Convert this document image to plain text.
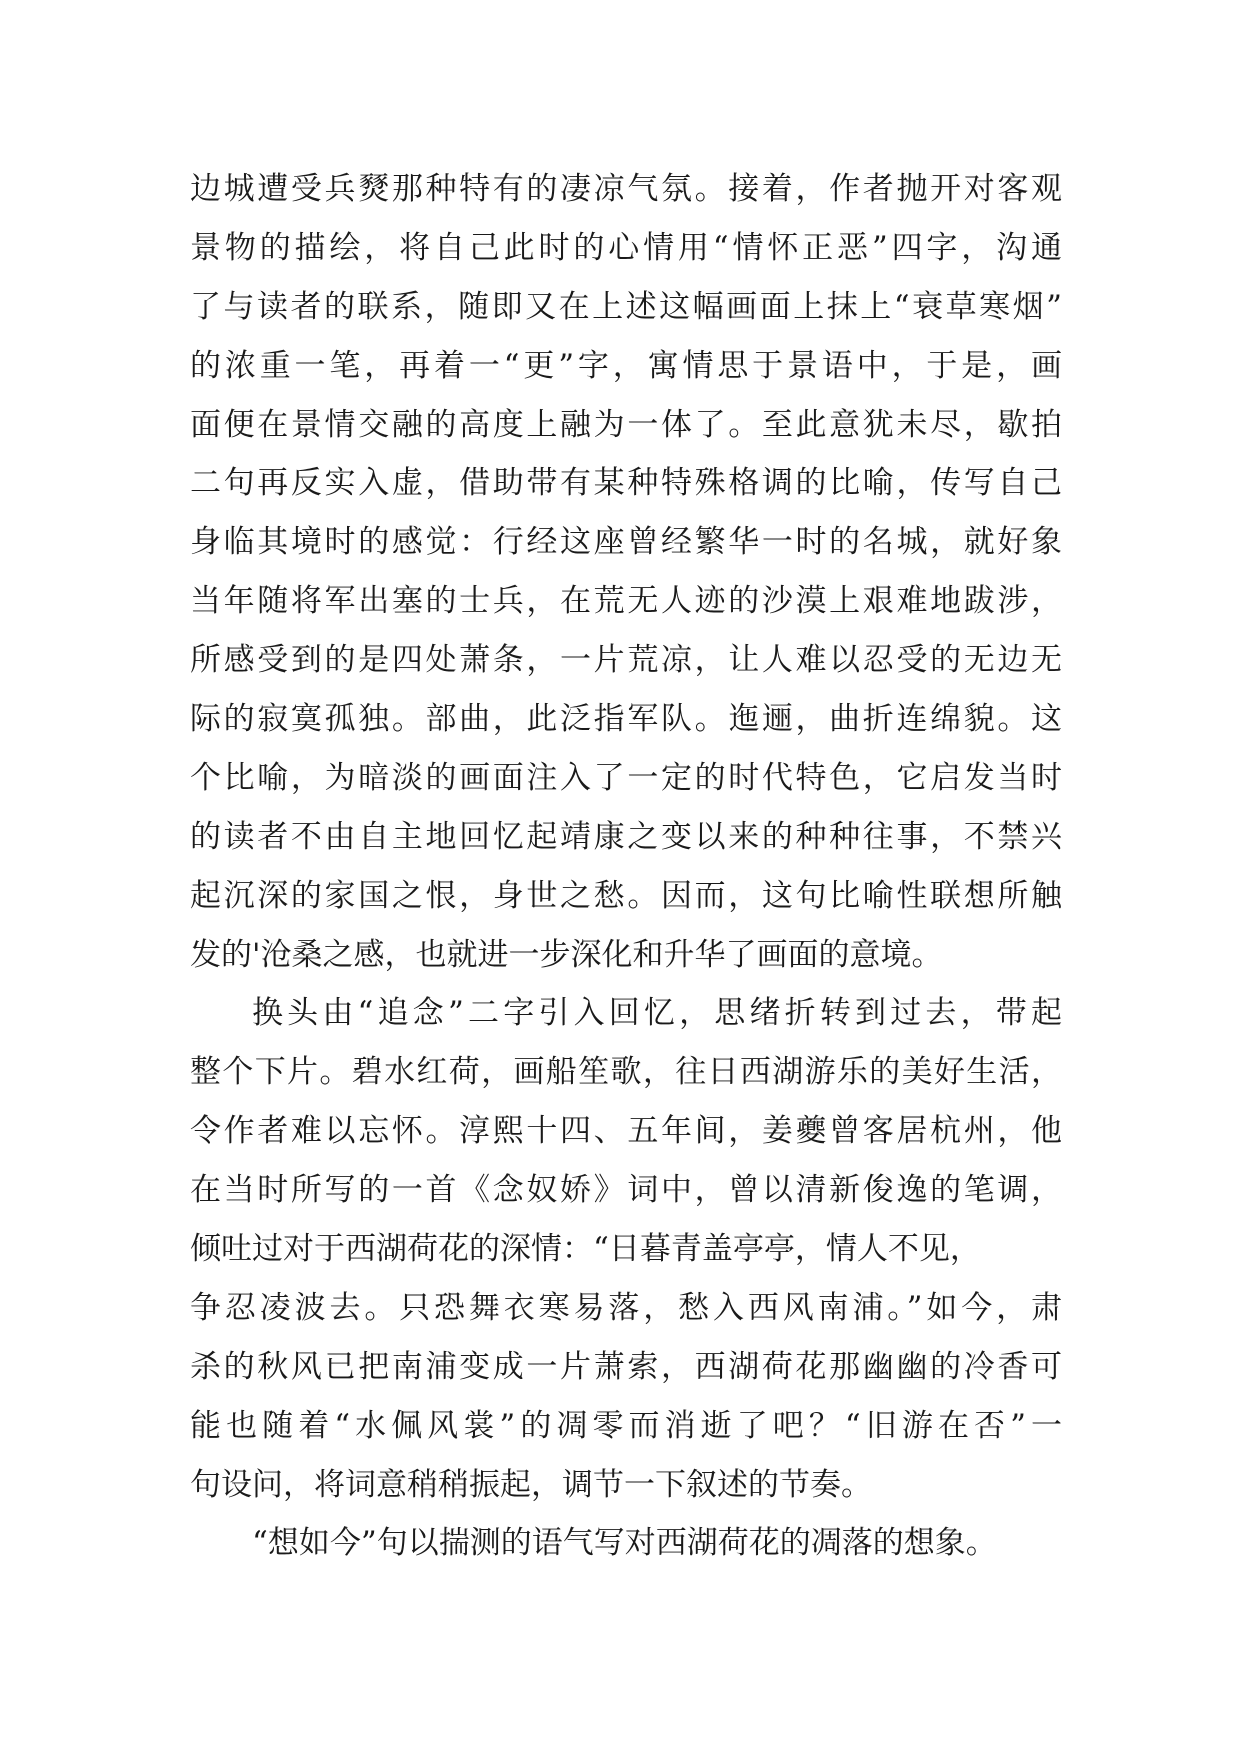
边城遭受兵燹那种特有的凄凉气氛。接着，作者抛开对客观
景物的描绘，将自己此时的心情用“情怀正恶”四字，沟通
了与读者的联系，随即又在上述这幅画面上抹上“衰草寒烟”
的浓重一笔，再着一“更”字，寓情思于景语中，于是，画
面便在景情交融的高度上融为一体了。至此意犹未尽，歇拍
二句再反实入虚，借助带有某种特殊格调的比喻，传写自己
身临其境时的感觉：行经这座曾经繁华一时的名城，就好象
当年随将军出塞的士兵，在荒无人迹的沙漠上艰难地跋涉，
所感受到的是四处萧条，一片荒凉，让人难以忍受的无边无
际的寂寞孤独。部曲，此泛指军队。迤逦，曲折连绵貌。这
个比喻，为暗淡的画面注入了一定的时代特色，它启发当时
的读者不由自主地回忆起靖康之变以来的种种往事，不禁兴
起沉深的家国之恨，身世之愁。因而，这句比喻性联想所触
发的'沧桑之感，也就进一步深化和升华了画面的意境。
换头由“追念”二字引入回忆，思绪折转到过去，带起
整个下片。碧水红荷，画船笙歌，往日西湖游乐的美好生活，
令作者难以忘怀。淳熙十四、五年间，姜夔曾客居杭州，他
在当时所写的一首《念奴娇》词中，曾以清新俊逸的笔调，
倾吐过对于西湖荷花的深情：“日暮青盖亭亭，情人不见，
争忍凌波去。只恐舞衣寒易落，愁入西风南浦。”如今，肃
杀的秋风已把南浦变成一片萧索，西湖荷花那幽幽的冷香可
能也随着“水佩风裳”的凋零而消逝了吧？“旧游在否”一
句设问，将词意稍稍振起，调节一下叙述的节奏。
“想如今”句以揣测的语气写对西湖荷花的凋落的想象。
